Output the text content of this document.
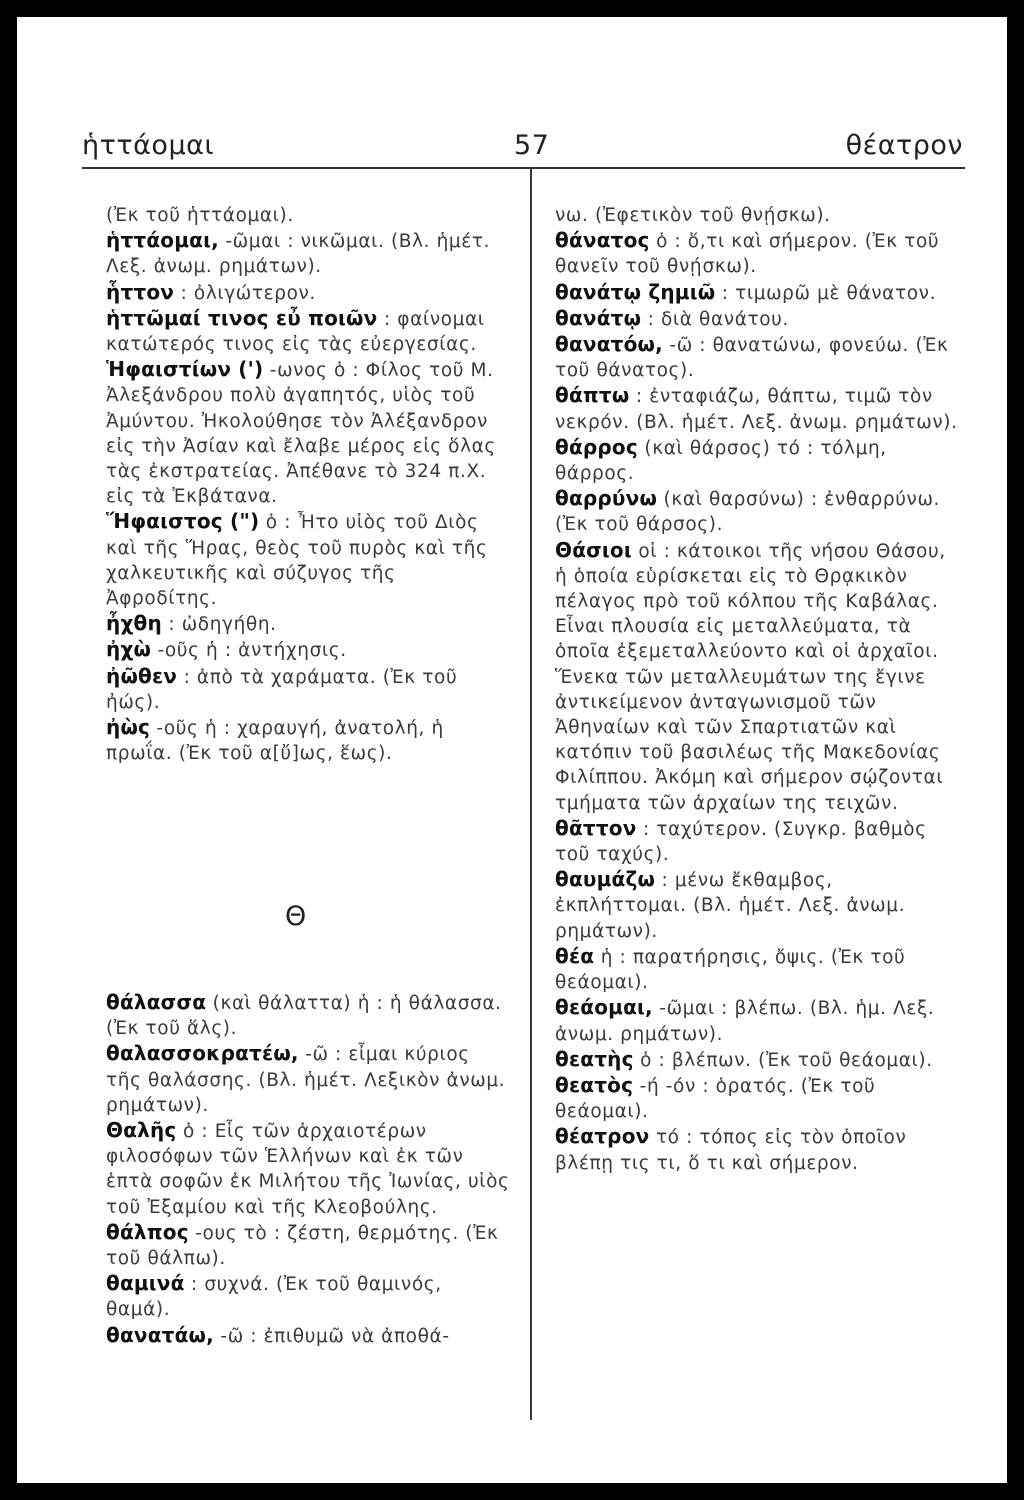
ἡττάομαι	57	θέατρον

(Ἐκ τοῦ ἡττάομαι).

ἡττάομαι, -ῶμαι : νικῶμαι. (Βλ. ἡμέτ. Λεξ. ἀνωμ. ρημάτων).

ἧττον : ὀλιγώτερον.

ἡττῶμαί τινος εὖ ποιῶν : φαίνομαι κατώτερός τινος εἰς τὰς εὐεργεσίας.

Ἡφαιστίων (') -ωνος ὁ : Φίλος τοῦ Μ. Ἀλεξάνδρου πολὺ ἀγαπητός, υἱὸς τοῦ Ἀμύντου. Ἠκολούθησε τὸν Ἀλέξανδρον εἰς τὴν Ἀσίαν καὶ ἔλαβε μέρος εἰς ὅλας τὰς ἐκστρατείας. Ἀπέθανε τὸ 324 π.Χ. εἰς τὰ Ἐκβάτανα.

Ἥφαιστος (") ὁ : Ἦτο υἱὸς τοῦ Διὸς καὶ τῆς Ἥρας, θεὸς τοῦ πυρὸς καὶ τῆς χαλκευτικῆς καὶ σύζυγος τῆς Ἀφροδίτης.

ἦχθη : ὠδηγήθη.

ἠχὼ -οῦς ἡ : ἀντήχησις.

ἠῶθεν : ἀπὸ τὰ χαράματα. (Ἐκ τοῦ ἠώς).

ἠὼς -οῦς ἡ : χαραυγή, ἀνατολή, ἡ πρωΐα. (Ἐκ τοῦ α[ὔ]ως, ἕως).

Θ

θάλασσα (καὶ θάλαττα) ἡ : ἡ θάλασσα. (Ἐκ τοῦ ἅλς).

θαλασσοκρατέω, -ῶ : εἶμαι κύριος τῆς θαλάσσης. (Βλ. ἡμέτ. Λεξικὸν ἀνωμ. ρημάτων).

Θαλῆς ὁ : Εἷς τῶν ἀρχαιοτέρων φιλοσόφων τῶν Ἑλλήνων καὶ ἐκ τῶν ἑπτὰ σοφῶν ἐκ Μιλήτου τῆς Ἰωνίας, υἱὸς τοῦ Ἐξαμίου καὶ τῆς Κλεοβούλης.

θάλπος -ους τὸ : ζέστη, θερμότης. (Ἐκ τοῦ θάλπω).

θαμινά : συχνά. (Ἐκ τοῦ θαμινός, θαμά).

θανατάω, -ῶ : ἐπιθυμῶ νὰ ἀποθά-

νω. (Ἐφετικὸν τοῦ θνῄσκω).

θάνατος ὁ : ὅ,τι καὶ σήμερον. (Ἐκ τοῦ θανεῖν τοῦ θνῄσκω).

θανάτῳ ζημιῶ : τιμωρῶ μὲ θάνατον.

θανάτῳ : διὰ θανάτου.

θανατόω, -ῶ : θανατώνω, φονεύω. (Ἐκ τοῦ θάνατος).

θάπτω : ἐνταφιάζω, θάπτω, τιμῶ τὸν νεκρόν. (Βλ. ἡμέτ. Λεξ. ἀνωμ. ρημάτων).

θάρρος (καὶ θάρσος) τό : τόλμη, θάρρος.

θαρρύνω (καὶ θαρσύνω) : ἐνθαρρύνω. (Ἐκ τοῦ θάρσος).

Θάσιοι οἱ : κάτοικοι τῆς νήσου Θάσου, ἡ ὁποία εὑρίσκεται εἰς τὸ Θρᾳκικὸν πέλαγος πρὸ τοῦ κόλπου τῆς Καβάλας. Εἶναι πλουσία εἰς μεταλλεύματα, τὰ ὁποῖα ἐξεμεταλλεύοντο καὶ οἱ ἀρχαῖοι. Ἕνεκα τῶν μεταλλευμάτων της ἔγινε ἀντικείμενον ἀνταγωνισμοῦ τῶν Ἀθηναίων καὶ τῶν Σπαρτιατῶν καὶ κατόπιν τοῦ βασιλέως τῆς Μακεδονίας Φιλίππου. Ἀκόμη καὶ σήμερον σῴζονται τμήματα τῶν ἀρχαίων της τειχῶν.

θᾶττον : ταχύτερον. (Συγκρ. βαθμὸς τοῦ ταχύς).

θαυμάζω : μένω ἔκθαμβος, ἐκπλήττομαι. (Βλ. ἡμέτ. Λεξ. ἀνωμ. ρημάτων).

θέα ἡ : παρατήρησις, ὄψις. (Ἐκ τοῦ θεάομαι).

θεάομαι, -ῶμαι : βλέπω. (Βλ. ἡμ. Λεξ. ἀνωμ. ρημάτων).

θεατὴς ὁ : βλέπων. (Ἐκ τοῦ θεάομαι).

θεατὸς -ή -όν : ὁρατός. (Ἐκ τοῦ θεάομαι).

θέατρον τό : τόπος εἰς τὸν ὁποῖον βλέπῃ τις τι, ὅ τι καὶ σήμερον.
